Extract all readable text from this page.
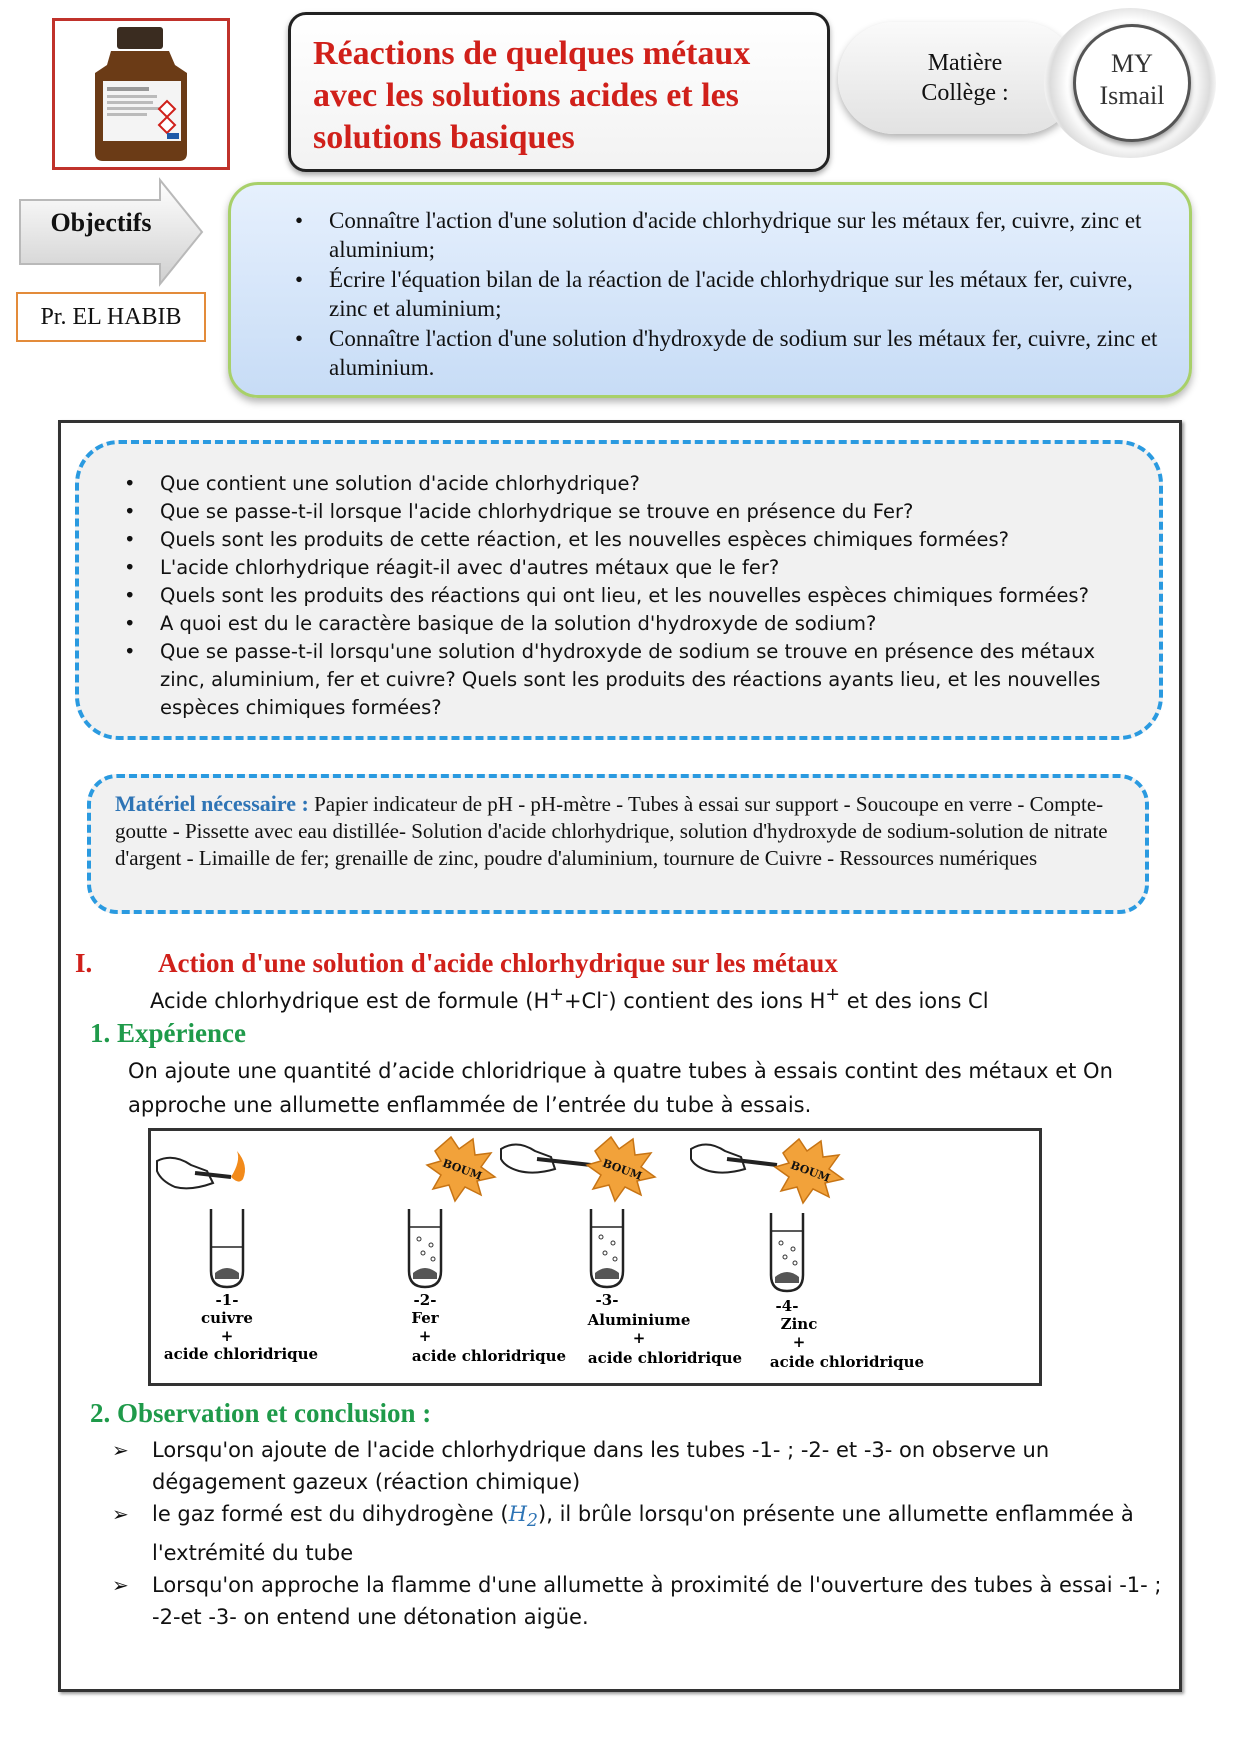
Réactions de quelques métaux avec les solutions acides et les solutions basiques
Matière
Collège :
MY
Ismail
Objectifs
Pr. EL HABIB
• Connaître l'action d'une solution d'acide chlorhydrique sur les métaux fer, cuivre, zinc et aluminium;
• Écrire l'équation bilan de la réaction de l'acide chlorhydrique sur les métaux fer, cuivre, zinc et aluminium;
• Connaître l'action d'une solution d'hydroxyde de sodium sur les métaux fer, cuivre, zinc et aluminium.
• Que contient une solution d'acide chlorhydrique?
• Que se passe-t-il lorsque l'acide chlorhydrique se trouve en présence du Fer?
• Quels sont les produits de cette réaction, et les nouvelles espèces chimiques formées?
• L'acide chlorhydrique réagit-il avec d'autres métaux que le fer?
• Quels sont les produits des réactions qui ont lieu, et les nouvelles espèces chimiques formées?
• A quoi est du le caractère basique de la solution d'hydroxyde de sodium?
• Que se passe-t-il lorsqu'une solution d'hydroxyde de sodium se trouve en présence des métaux zinc, aluminium, fer et cuivre? Quels sont les produits des réactions ayants lieu, et les nouvelles espèces chimiques formées?
Matériel nécessaire : Papier indicateur de pH - pH-mètre - Tubes à essai sur support - Soucoupe en verre - Compte-goutte - Pissette avec eau distillée- Solution d'acide chlorhydrique, solution d'hydroxyde de sodium-solution de nitrate d'argent - Limaille de fer; grenaille de zinc, poudre d'aluminium, tournure de Cuivre - Ressources numériques
I. Action d'une solution d'acide chlorhydrique sur les métaux
Acide chlorhydrique est de formule (H++Cl-) contient des ions H+ et des ions Cl
1. Expérience
On ajoute une quantité d’acide chloridrique à quatre tubes à essais contint des métaux et On approche une allumette enflammée de l’entrée du tube à essais.
-1-
cuivre
+
acide chloridrique
BOUM
-2-
Fer
+
acide chloridrique
BOUM
-3-
Aluminiume
+
acide chloridrique
BOUM
-4-
Zinc
+
acide chloridrique
2. Observation et conclusion :
➢ Lorsqu'on ajoute de l'acide chlorhydrique dans les tubes -1- ; -2- et -3- on observe un dégagement gazeux (réaction chimique)
➢ le gaz formé est du dihydrogène $(H_2)$, il brûle lorsqu'on présente une allumette enflammée à l'extrémité du tube
➢ Lorsqu'on approche la flamme d'une allumette à proximité de l'ouverture des tubes à essai -1- ; -2-et -3- on entend une détonation aigüe.
